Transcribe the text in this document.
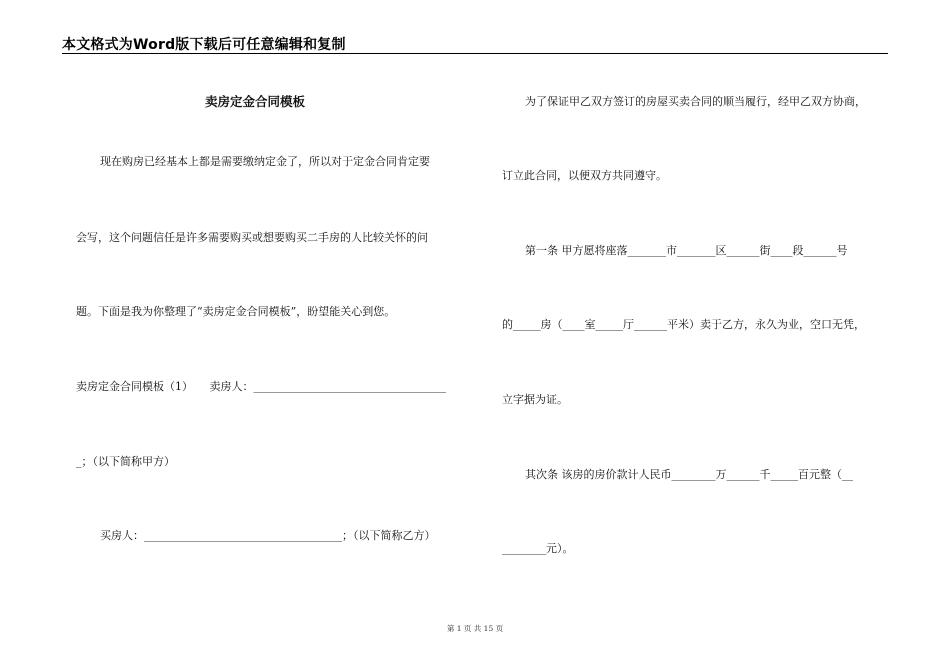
本文格式为Word版下载后可任意编辑和复制
卖房定金合同模板
现在购房已经基本上都是需要缴纳定金了，所以对于定金合同肯定要
会写，这个问题信任是许多需要购买或想要购买二手房的人比较关怀的问
题。下面是我为你整理了“卖房定金合同模板”，盼望能关心到您。
卖房定金合同模板（1）　　卖房人：___________________________________
_；（以下简称甲方）
买房人：____________________________________；（以下简称乙方）
为了保证甲乙双方签订的房屋买卖合同的顺当履行，经甲乙双方协商，
订立此合同，以便双方共同遵守。
第一条 甲方愿将座落_______市_______区______街____段______号
的_____房（____室_____厅______平米）卖于乙方，永久为业，空口无凭，
立字据为证。
其次条 该房的房价款计人民币________万______千_____百元整（__
________元）。
第 1 页 共 15 页
